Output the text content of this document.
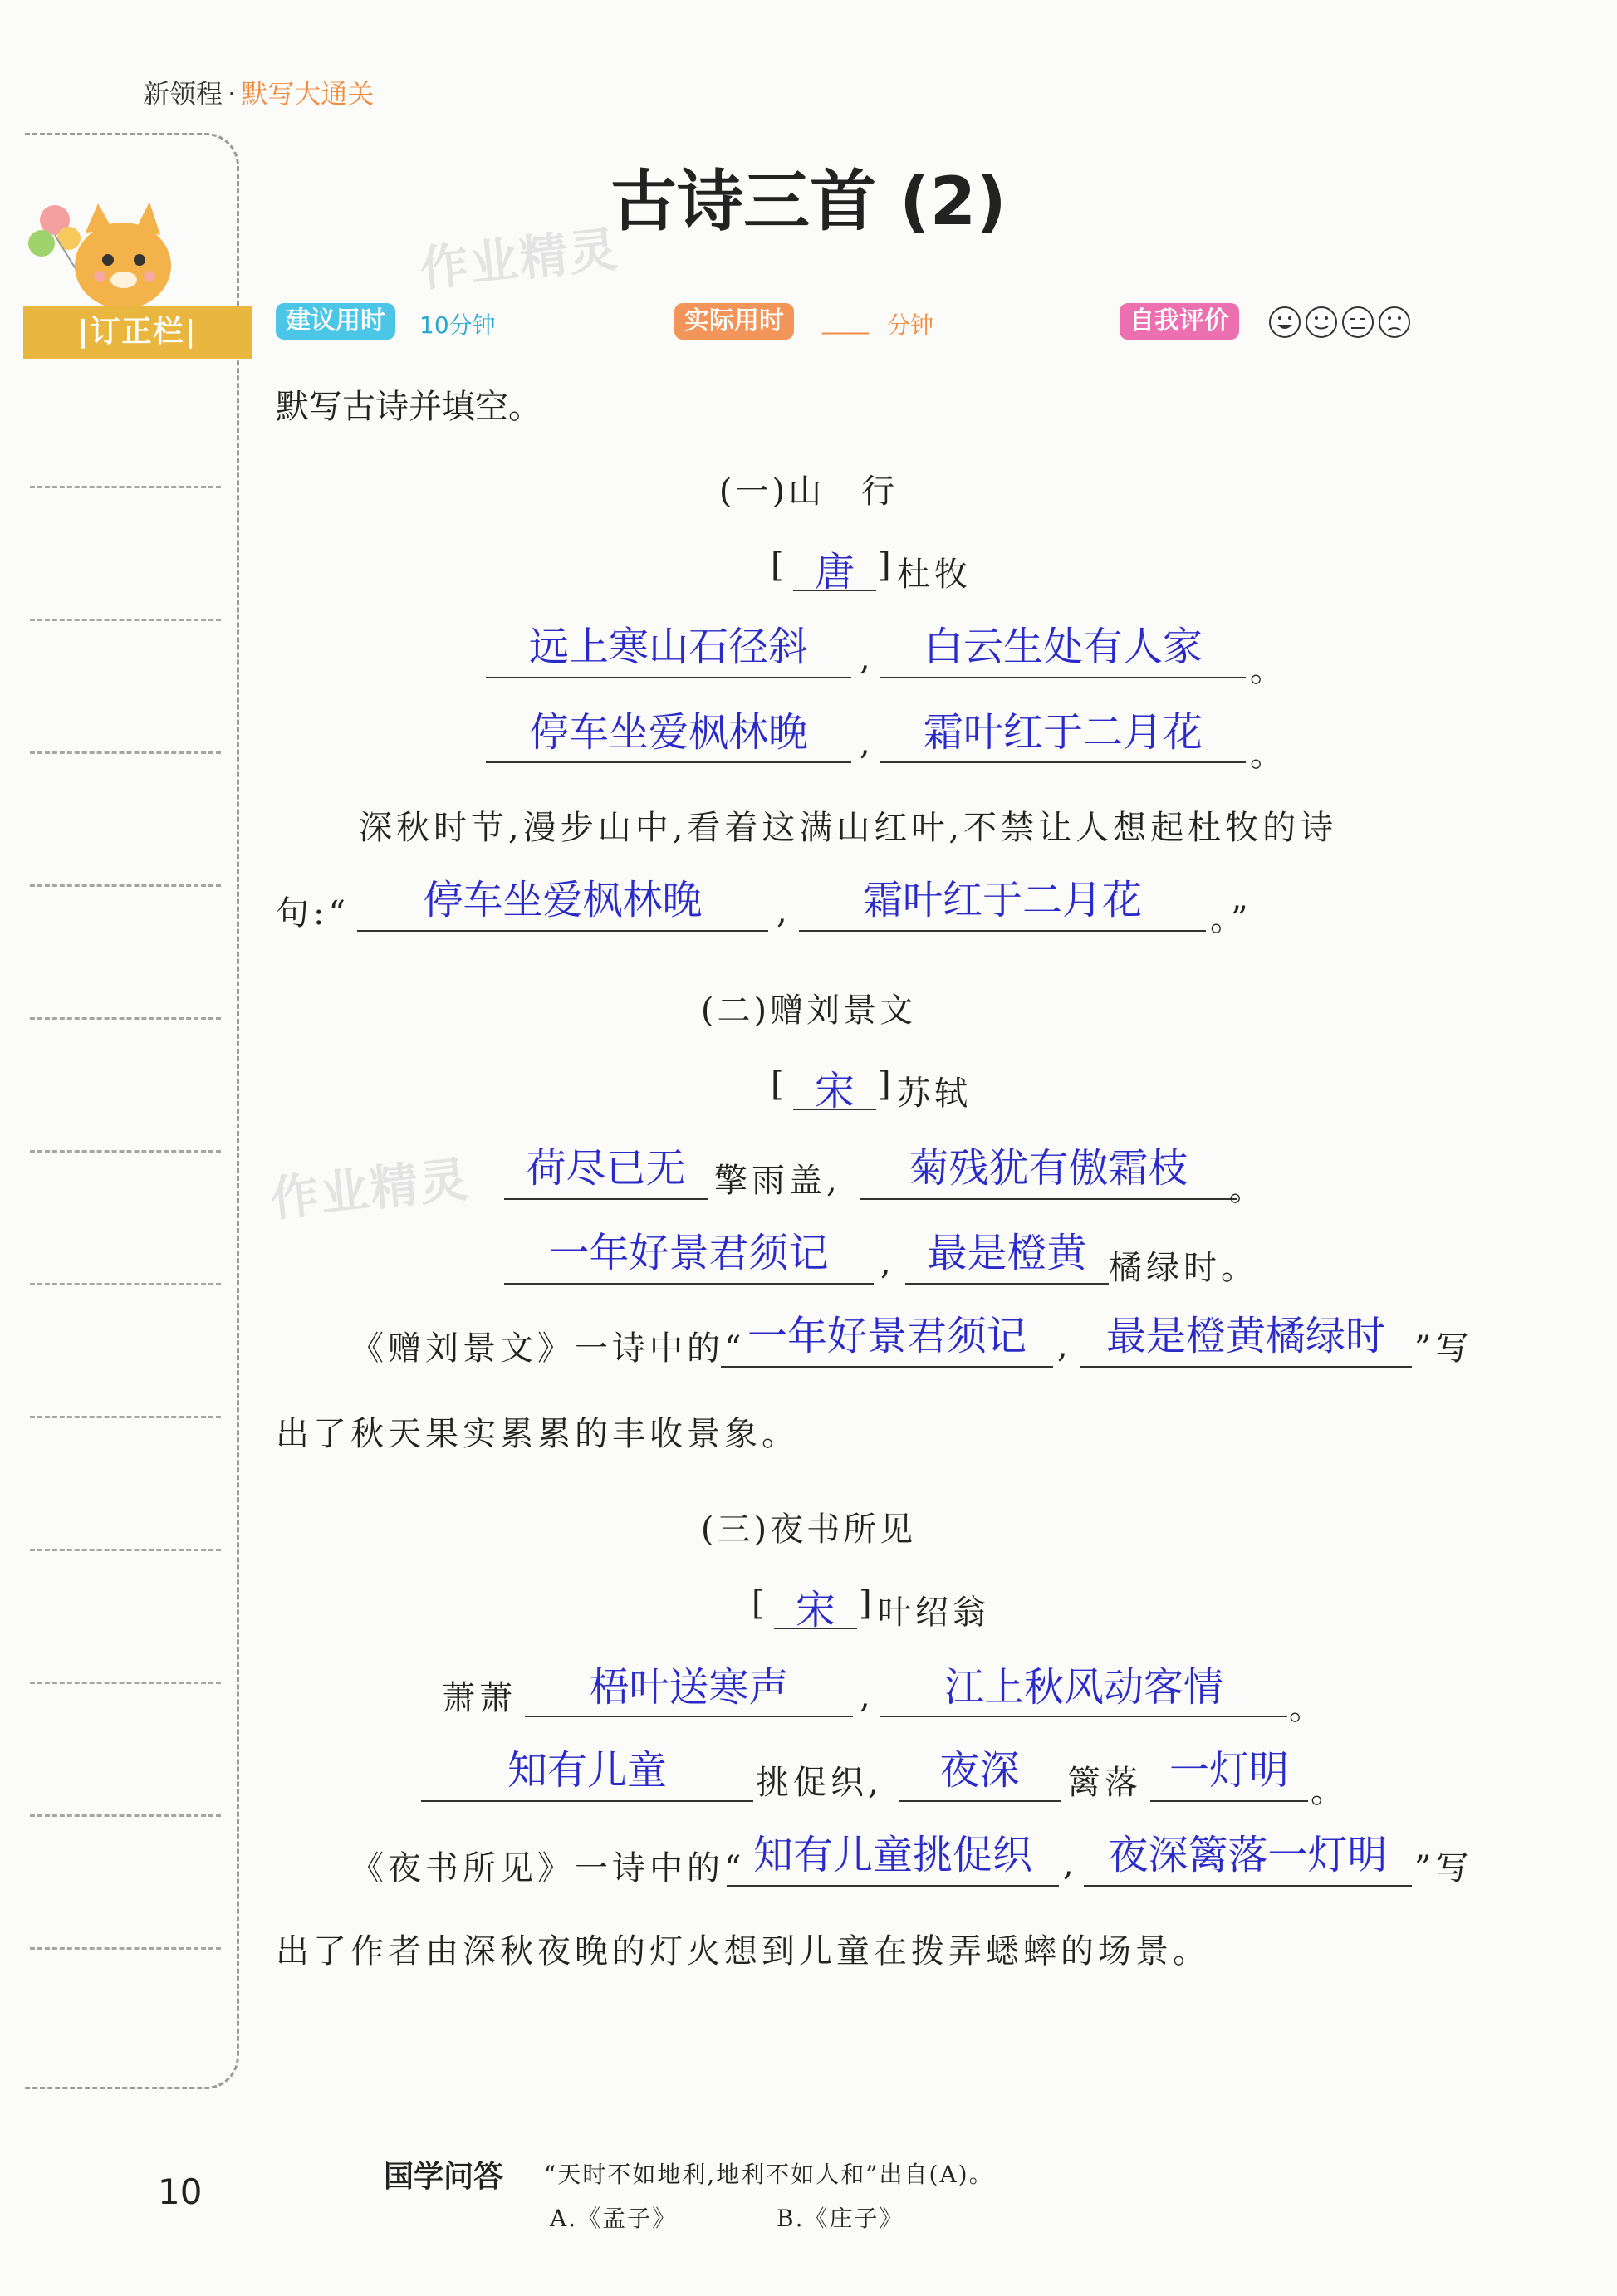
新领程 · 默写大通关
|订正栏|
古诗三首 (2)
作业精灵
作业精灵
建议用时	10分钟	实际用时	____ 分钟	自我评价
默写古诗并填空。
(一)山　行
[ 唐 ] 杜牧
远上寒山石径斜	,	白云生处有人家	。
停车坐爱枫林晚	,	霜叶红于二月花	。
深秋时节,漫步山中,看着这满山红叶,不禁让人想起杜牧的诗
句:“	停车坐爱枫林晚	,	霜叶红于二月花	。”
(二)赠刘景文
[ 宋 ] 苏轼
荷尽已无 擎雨盖,	菊残犹有傲霜枝	。
一年好景君须记	, 最是橙黄 橘绿时。
《赠刘景文》一诗中的“ 一年好景君须记 , 最是橙黄橘绿时 ”写
出了秋天果实累累的丰收景象。
(三)夜书所见
[ 宋 ] 叶绍翁
萧萧	梧叶送寒声	,	江上秋风动客情	。
知有儿童	挑促织,	夜深	篱落 一灯明 。
《夜书所见》一诗中的“ 知有儿童挑促织 , 夜深篱落一灯明 ”写
出了作者由深秋夜晚的灯火想到儿童在拨弄蟋蟀的场景。
10	国学问答 “天时不如地利,地利不如人和”出自(A)。
A.《孟子》	B.《庄子》
